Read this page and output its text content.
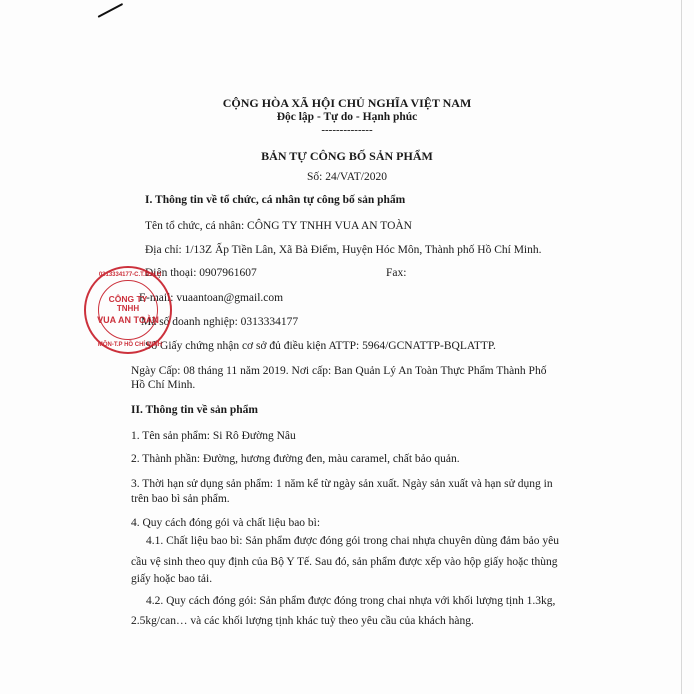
CỘNG HÒA XÃ HỘI CHỦ NGHĨA VIỆT NAM
Độc lập - Tự do - Hạnh phúc
--------------
BẢN TỰ CÔNG BỐ SẢN PHẨM
Số: 24/VAT/2020
I. Thông tin về tổ chức, cá nhân tự công bố sản phẩm
Tên tổ chức, cá nhân: CÔNG TY TNHH VUA AN TOÀN
Địa chỉ: 1/13Z Ấp Tiền Lân, Xã Bà Điểm, Huyện Hóc Môn, Thành phố Hồ Chí Minh.
Điện thoại: 0907961607	Fax:
E-mail: vuaantoan@gmail.com
Mã số doanh nghiệp: 0313334177
Số Giấy chứng nhận cơ sở đủ điều kiện ATTP: 5964/GCNATTP-BQLATTP.
Ngày Cấp: 08 tháng 11 năm 2019. Nơi cấp: Ban Quản Lý An Toàn Thực Phẩm Thành Phố
Hồ Chí Minh.
II. Thông tin về sản phẩm
1. Tên sản phẩm: Si Rô Đường Nâu
2. Thành phần: Đường, hương đường đen, màu caramel, chất bảo quản.
3. Thời hạn sử dụng sản phẩm: 1 năm kể từ ngày sản xuất. Ngày sản xuất và hạn sử dụng in
trên bao bì sản phẩm.
4. Quy cách đóng gói và chất liệu bao bì:
4.1. Chất liệu bao bì: Sản phẩm được đóng gói trong chai nhựa chuyên dùng đảm bảo yêu
cầu vệ sinh theo quy định của Bộ Y Tế. Sau đó, sản phẩm được xếp vào hộp giấy hoặc thùng
giấy hoặc bao tải.
4.2. Quy cách đóng gói: Sản phẩm được đóng trong chai nhựa với khối lượng tịnh 1.3kg,
2.5kg/can… và các khối lượng tịnh khác tuỳ theo yêu cầu của khách hàng.
0313334177-C.T.N.H.H
CÔNG TY
TNHH
VUA AN TOÀN
MÔN-T.P HỒ CHÍ MINH
